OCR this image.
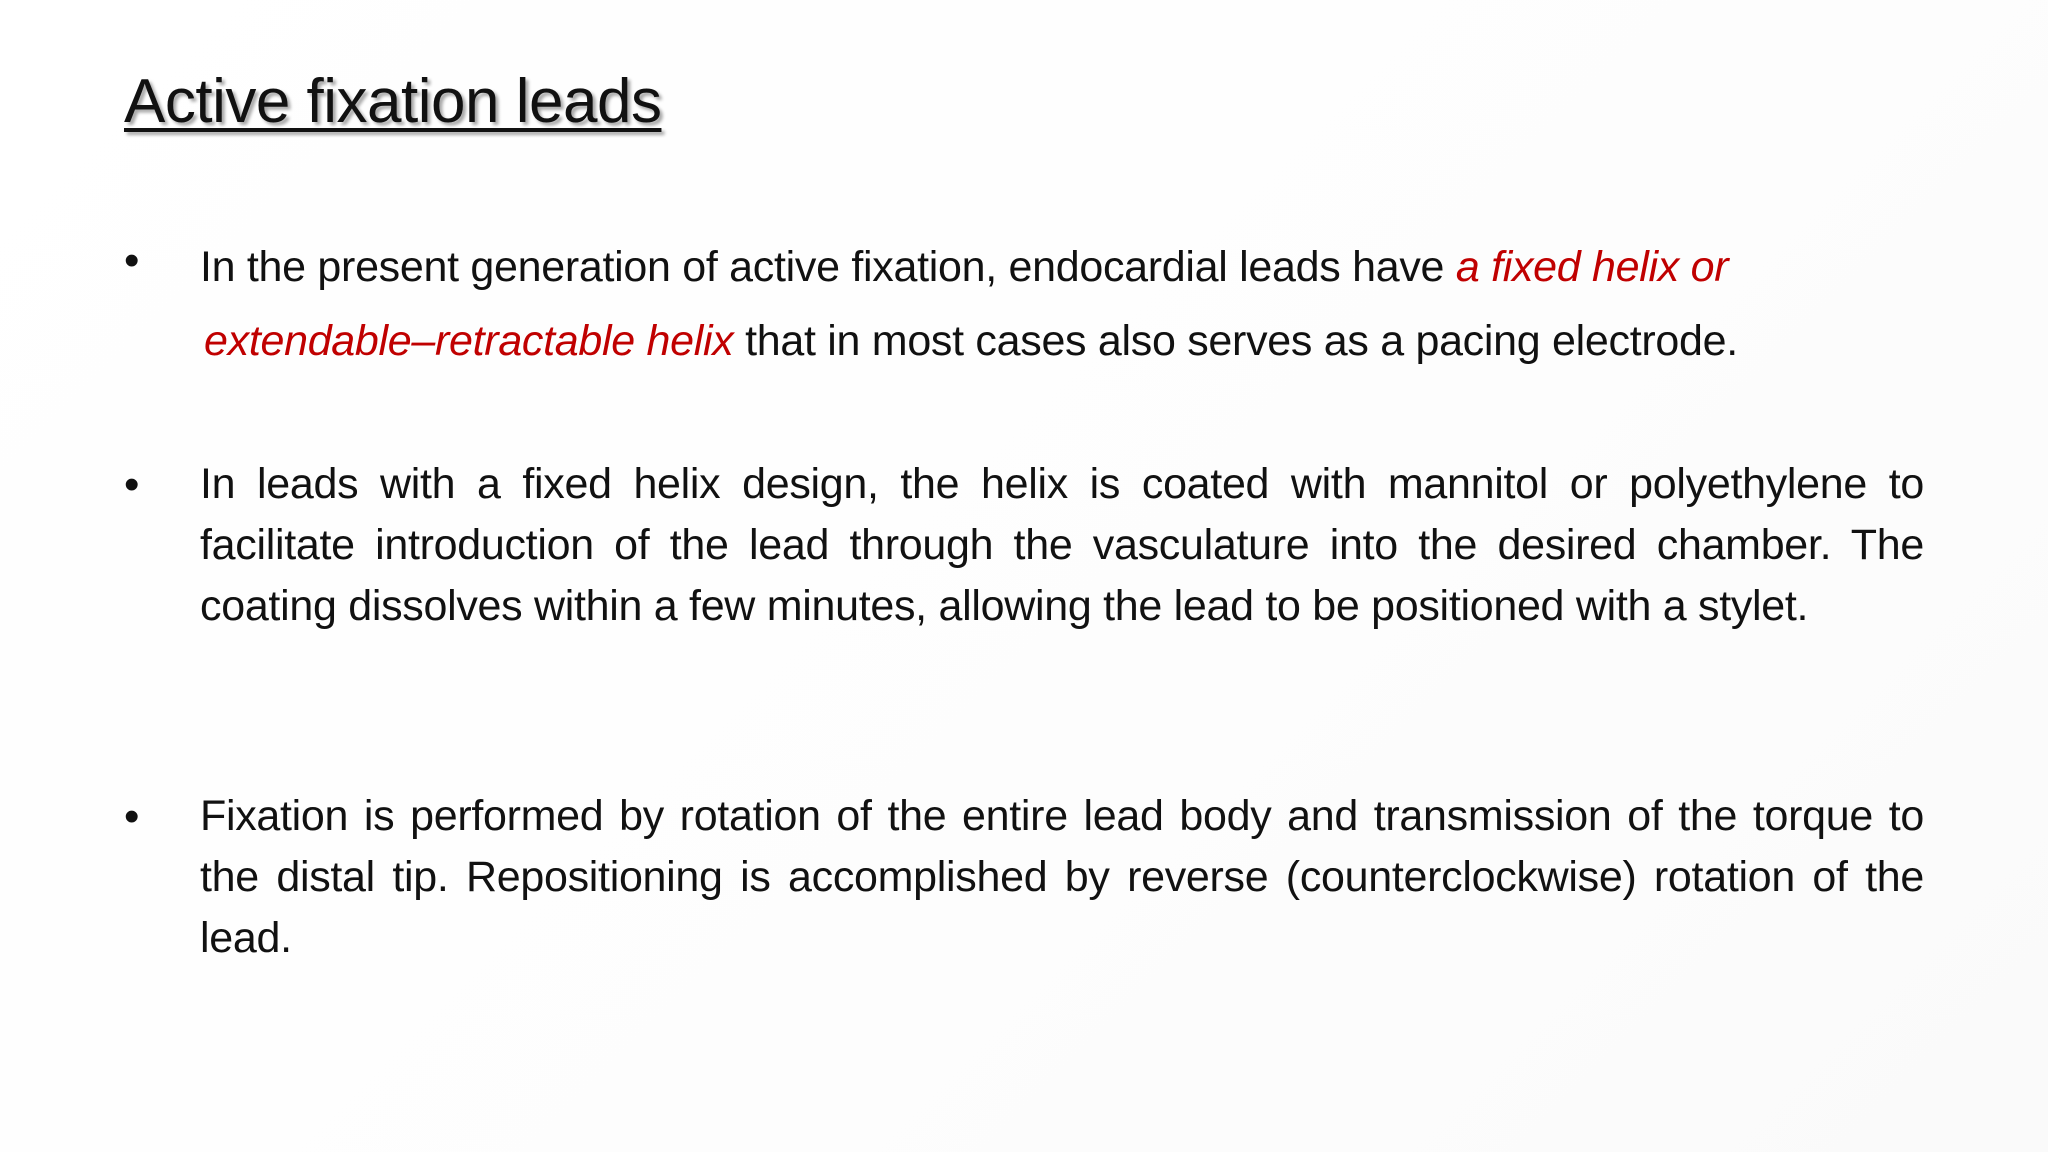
Active fixation leads
• In the present generation of active fixation, endocardial leads have a fixed helix or
extendable–retractable helix that in most cases also serves as a pacing electrode.
• In leads with a fixed helix design, the helix is coated with mannitol or polyethylene to facilitate introduction of the lead through the vasculature into the desired chamber. The coating dissolves within a few minutes, allowing the lead to be positioned with a stylet.
• Fixation is performed by rotation of the entire lead body and transmission of the torque to the distal tip. Repositioning is accomplished by reverse (counterclockwise) rotation of the lead.
